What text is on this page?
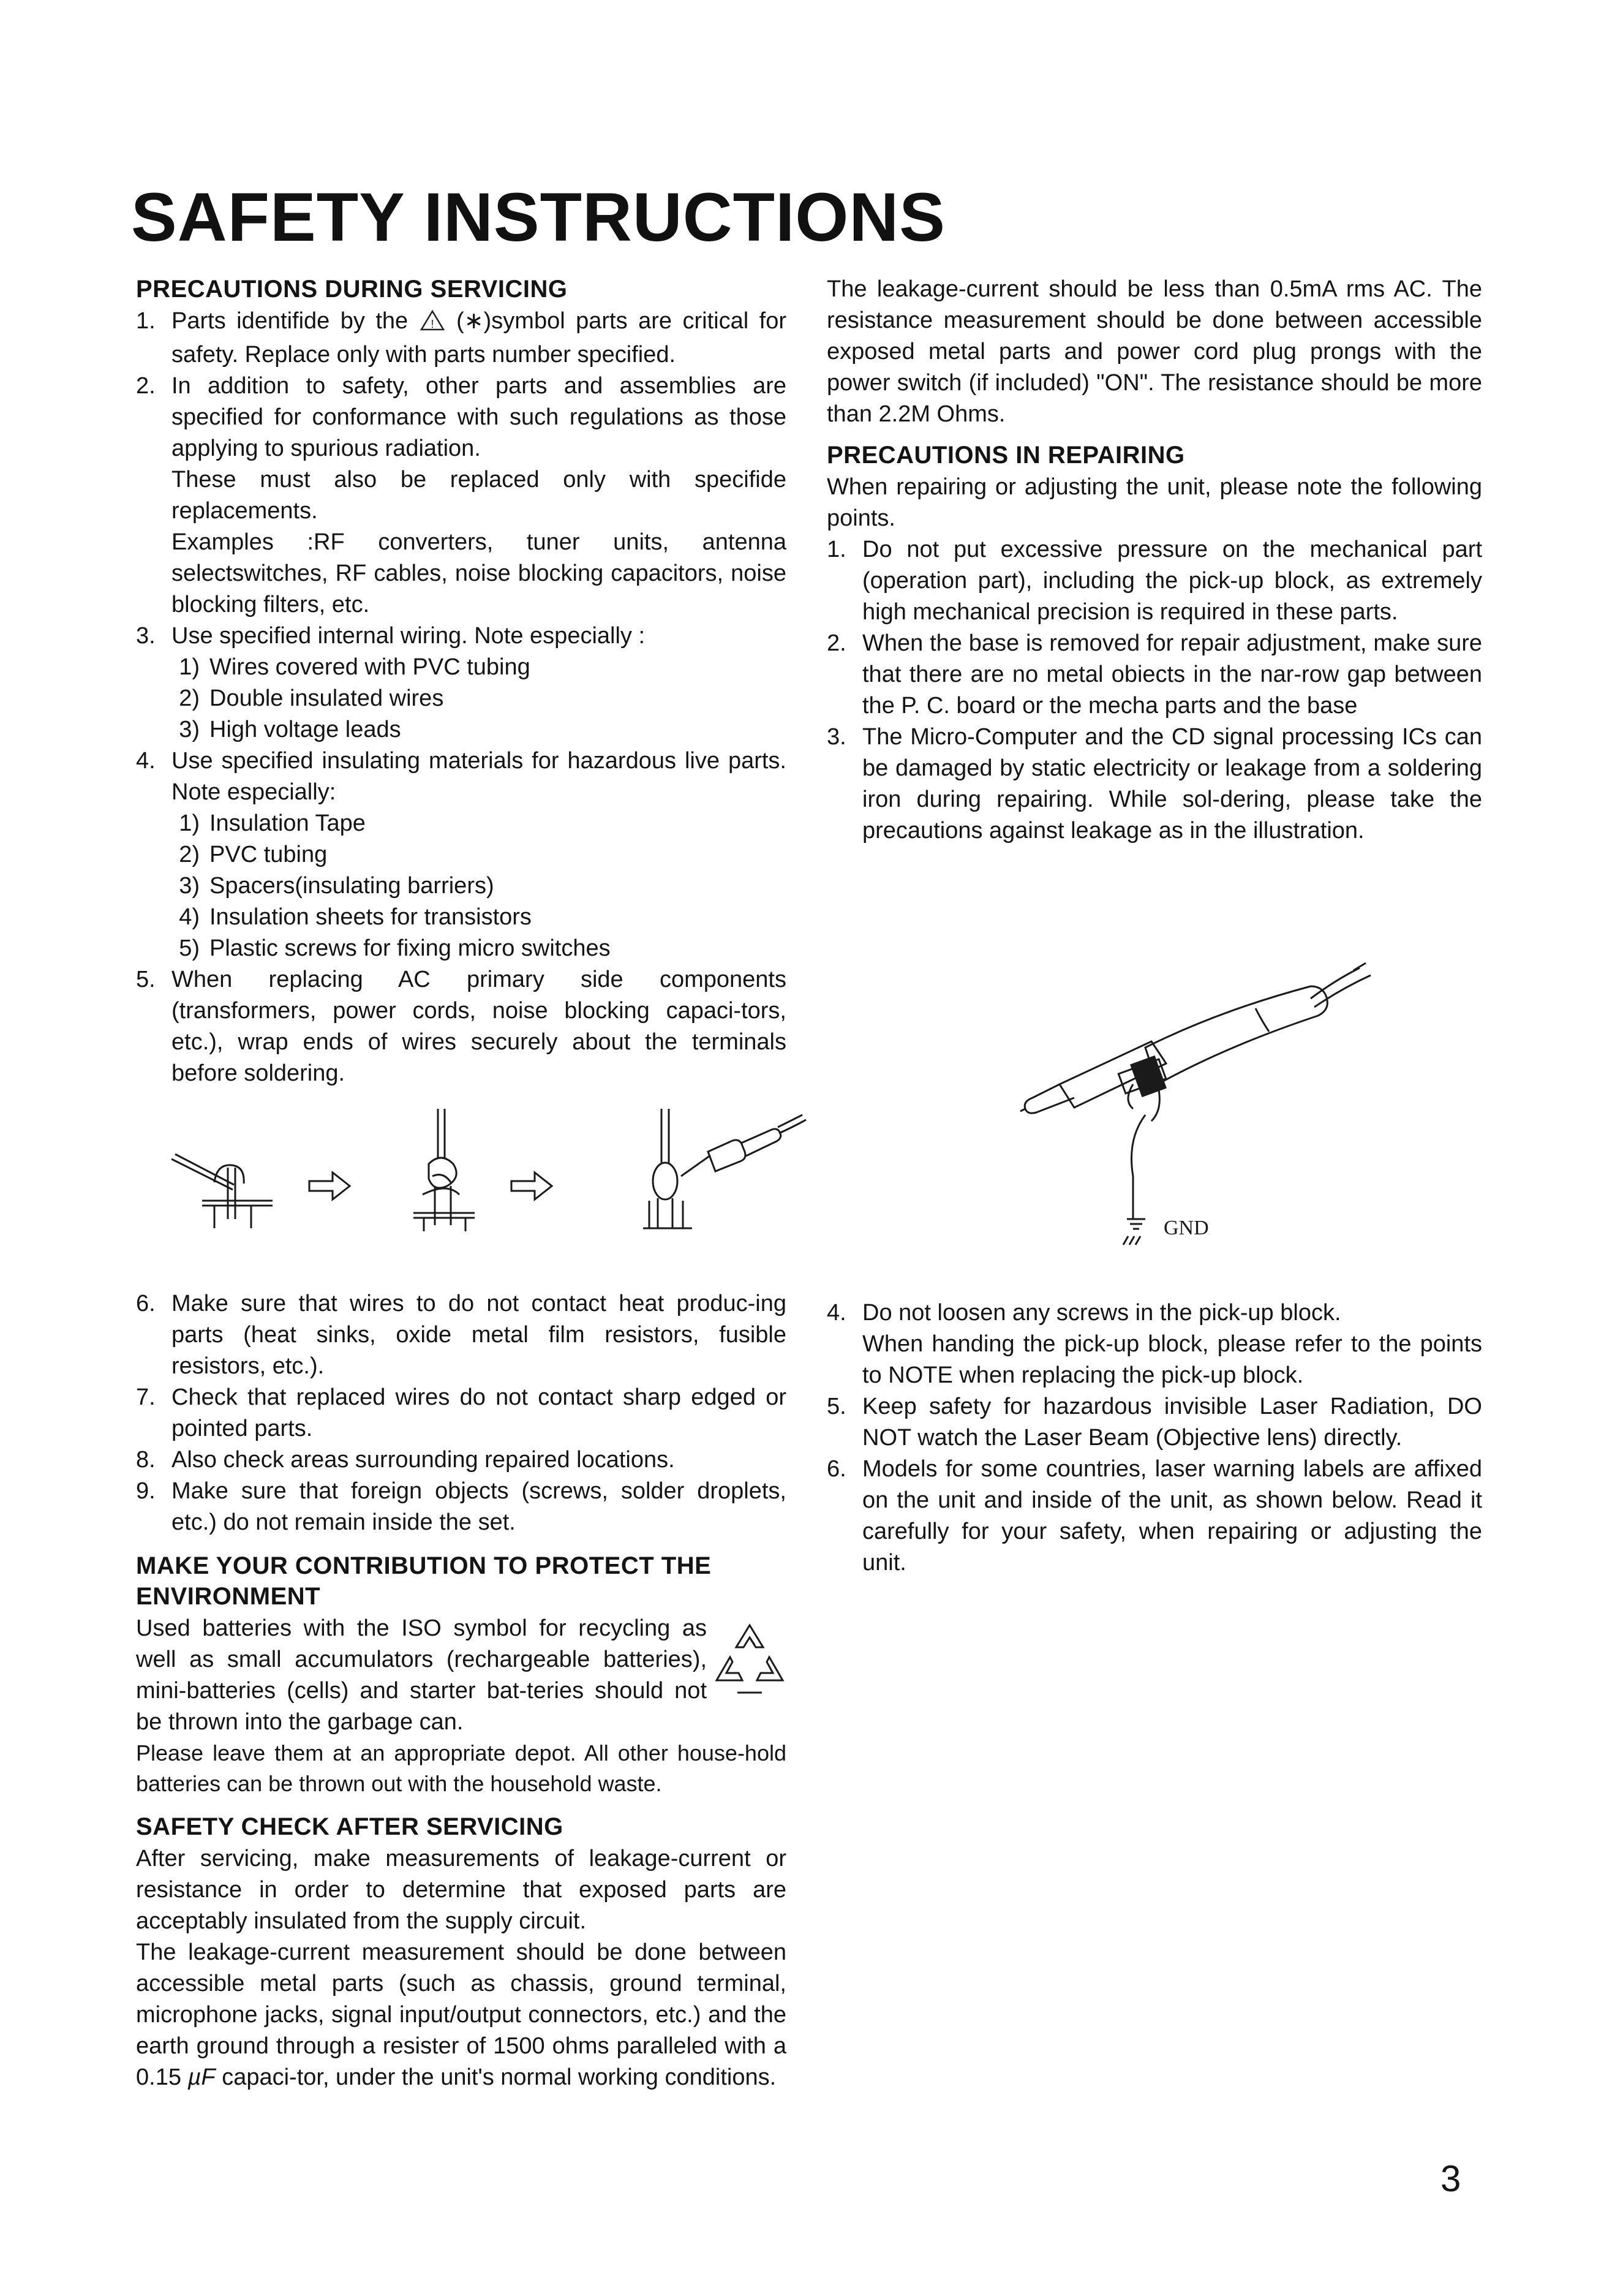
SAFETY INSTRUCTIONS
PRECAUTIONS DURING SERVICING
1. Parts identifide by the ! (∗)symbol parts are critical for safety. Replace only with parts number specified.
2. In addition to safety, other parts and assemblies are specified for conformance with such regulations as those applying to spurious radiation.
These must also be replaced only with specifide replacements.
Examples :RF converters, tuner units, antenna selectswitches, RF cables, noise blocking capacitors, noise blocking filters, etc.
3. Use specified internal wiring. Note especially :
1) Wires covered with PVC tubing
2) Double insulated wires
3) High voltage leads
4. Use specified insulating materials for hazardous live parts. Note especially:
1) Insulation Tape
2) PVC tubing
3) Spacers(insulating barriers)
4) Insulation sheets for transistors
5) Plastic screws for fixing micro switches
5. When replacing AC primary side components (transformers, power cords, noise blocking capaci-tors, etc.), wrap ends of wires securely about the terminals before soldering.
6. Make sure that wires to do not contact heat produc-ing parts (heat sinks, oxide metal film resistors, fusible resistors, etc.).
7. Check that replaced wires do not contact sharp edged or pointed parts.
8. Also check areas surrounding repaired locations.
9. Make sure that foreign objects (screws, solder droplets, etc.) do not remain inside the set.
MAKE YOUR CONTRIBUTION TO PROTECT THE ENVIRONMENT

Used batteries with the ISO symbol for recycling as well as small accumulators (rechargeable batteries), mini-batteries (cells) and starter bat-teries should not be thrown into the garbage can.

Please leave them at an appropriate depot. All other house-hold batteries can be thrown out with the household waste.

SAFETY CHECK AFTER SERVICING

After servicing, make measurements of leakage-current or resistance in order to determine that exposed parts are acceptably insulated from the supply circuit.

The leakage-current measurement should be done between accessible metal parts (such as chassis, ground terminal, microphone jacks, signal input/output connectors, etc.) and the earth ground through a resister of 1500 ohms paralleled with a 0.15 µF capaci-tor, under the unit's normal working conditions.

The leakage-current should be less than 0.5mA rms AC. The resistance measurement should be done between accessible exposed metal parts and power cord plug prongs with the power switch (if included) "ON". The resistance should be more than 2.2M Ohms.

PRECAUTIONS IN REPAIRING

When repairing or adjusting the unit, please note the following points.

1. Do not put excessive pressure on the mechanical part (operation part), including the pick-up block, as extremely high mechanical precision is required in these parts.
2. When the base is removed for repair adjustment, make sure that there are no metal obiects in the nar-row gap between the P. C. board or the mecha parts and the base
3. The Micro-Computer and the CD signal processing ICs can be damaged by static electricity or leakage from a soldering iron during repairing. While sol-dering, please take the precautions against leakage as in the illustration.
GND
4. Do not loosen any screws in the pick-up block.
When handing the pick-up block, please refer to the points to NOTE when replacing the pick-up block.
5. Keep safety for hazardous invisible Laser Radiation, DO NOT watch the Laser Beam (Objective lens) directly.
6. Models for some countries, laser warning labels are affixed on the unit and inside of the unit, as shown below. Read it carefully for your safety, when repairing or adjusting the unit.
3
